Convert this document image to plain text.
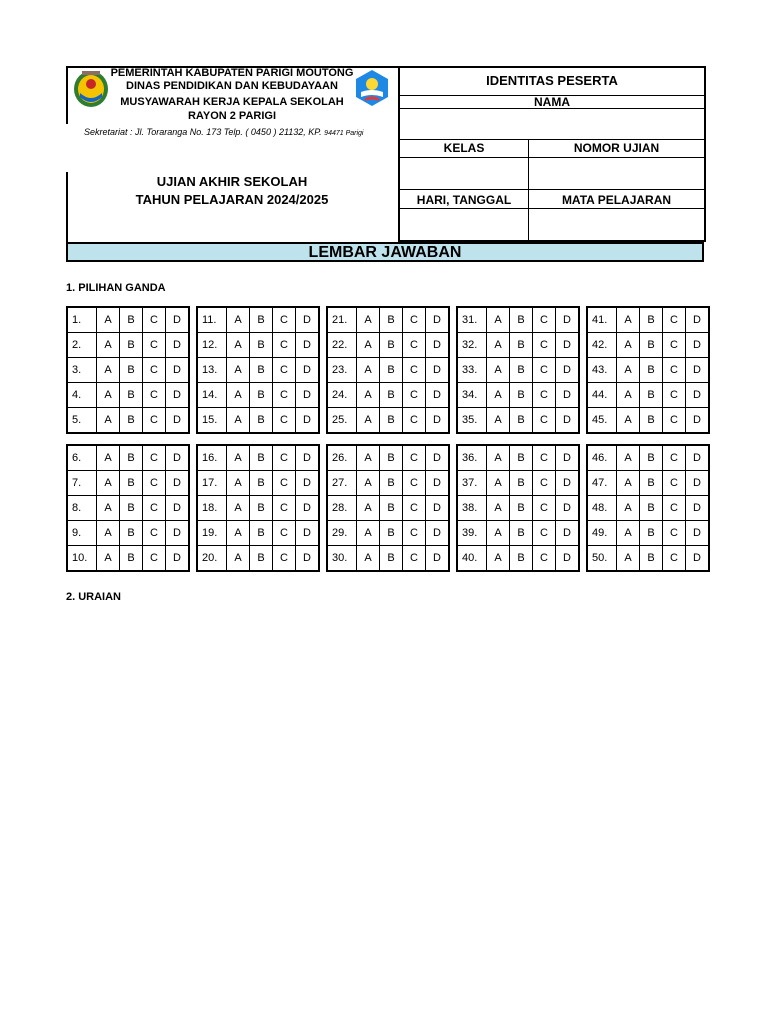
PEMERINTAH KABUPATEN PARIGI MOUTONG
DINAS PENDIDIKAN DAN KEBUDAYAAN
MUSYAWARAH KERJA KEPALA SEKOLAH
RAYON 2 PARIGI
Sekretariat : Jl. Toraranga No. 173 Telp. ( 0450 ) 21132, KP. 94471 Parigi
UJIAN AKHIR SEKOLAH
TAHUN PELAJARAN 2024/2025
IDENTITAS PESERTA
NAMA
KELAS	NOMOR UJIAN
HARI, TANGGAL	MATA PELAJARAN
LEMBAR JAWABAN
1. PILIHAN GANDA
2. URAIAN
1.	A	B	C	D
2.	A	B	C	D
3.	A	B	C	D
4.	A	B	C	D
5.	A	B	C	D
11.	A	B	C	D
12.	A	B	C	D
13.	A	B	C	D
14.	A	B	C	D
15.	A	B	C	D
21.	A	B	C	D
22.	A	B	C	D
23.	A	B	C	D
24.	A	B	C	D
25.	A	B	C	D
31.	A	B	C	D
32.	A	B	C	D
33.	A	B	C	D
34.	A	B	C	D
35.	A	B	C	D
41.	A	B	C	D
42.	A	B	C	D
43.	A	B	C	D
44.	A	B	C	D
45.	A	B	C	D
6.	A	B	C	D
7.	A	B	C	D
8.	A	B	C	D
9.	A	B	C	D
10.	A	B	C	D
16.	A	B	C	D
17.	A	B	C	D
18.	A	B	C	D
19.	A	B	C	D
20.	A	B	C	D
26.	A	B	C	D
27.	A	B	C	D
28.	A	B	C	D
29.	A	B	C	D
30.	A	B	C	D
36.	A	B	C	D
37.	A	B	C	D
38.	A	B	C	D
39.	A	B	C	D
40.	A	B	C	D
46.	A	B	C	D
47.	A	B	C	D
48.	A	B	C	D
49.	A	B	C	D
50.	A	B	C	D
